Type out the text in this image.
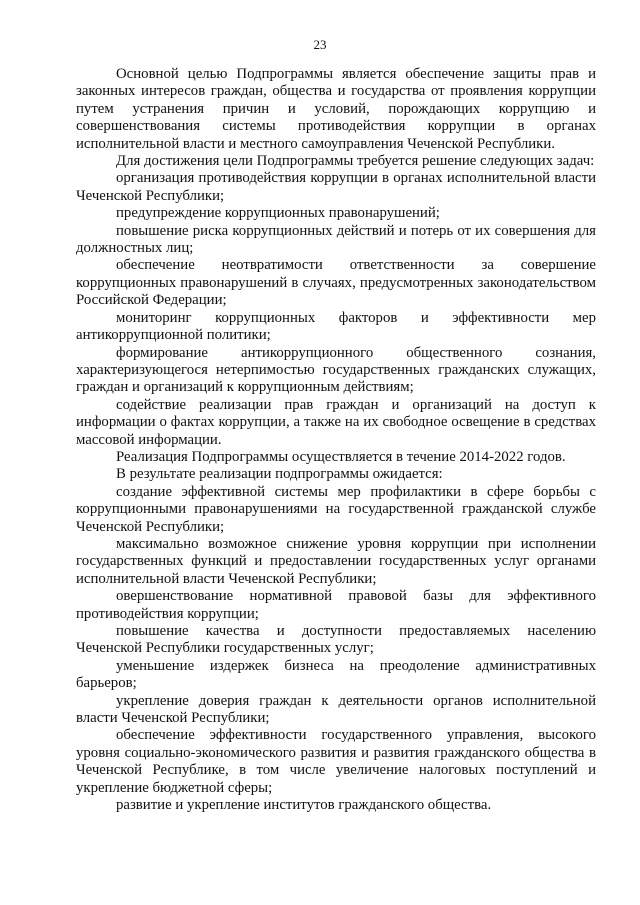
23

Основной целью Подпрограммы является обеспечение защиты прав и законных интересов граждан, общества и государства от проявления коррупции путем устранения причин и условий, порождающих коррупцию и совершенствования системы противодействия коррупции в органах исполнительной власти и местного самоуправления Чеченской Республики.

Для достижения цели Подпрограммы требуется решение следующих задач:

организация противодействия коррупции в органах исполнительной власти Чеченской Республики;

предупреждение коррупционных правонарушений;

повышение риска коррупционных действий и потерь от их совершения для должностных лиц;

обеспечение неотвратимости ответственности за совершение коррупционных правонарушений в случаях, предусмотренных законодательством Российской Федерации;

мониторинг коррупционных факторов и эффективности мер антикоррупционной политики;

формирование антикоррупционного общественного сознания, характеризующегося нетерпимостью государственных гражданских служащих, граждан и организаций к коррупционным действиям;

содействие реализации прав граждан и организаций на доступ к информации о фактах коррупции, а также на их свободное освещение в средствах массовой информации.

Реализация Подпрограммы осуществляется в течение 2014-2022 годов.

В результате реализации подпрограммы ожидается:

создание эффективной системы мер профилактики в сфере борьбы с коррупционными правонарушениями на государственной гражданской службе Чеченской Республики;

максимально возможное снижение уровня коррупции при исполнении государственных функций и предоставлении государственных услуг органами исполнительной власти Чеченской Республики;

овершенствование нормативной правовой базы для эффективного противодействия коррупции;

повышение качества и доступности предоставляемых населению Чеченской Республики государственных услуг;

уменьшение издержек бизнеса на преодоление административных барьеров;

укрепление доверия граждан к деятельности органов исполнительной власти Чеченской Республики;

обеспечение эффективности государственного управления, высокого уровня социально-экономического развития и развития гражданского общества в Чеченской Республике, в том числе увеличение налоговых поступлений и укрепление бюджетной сферы;

развитие и укрепление институтов гражданского общества.
